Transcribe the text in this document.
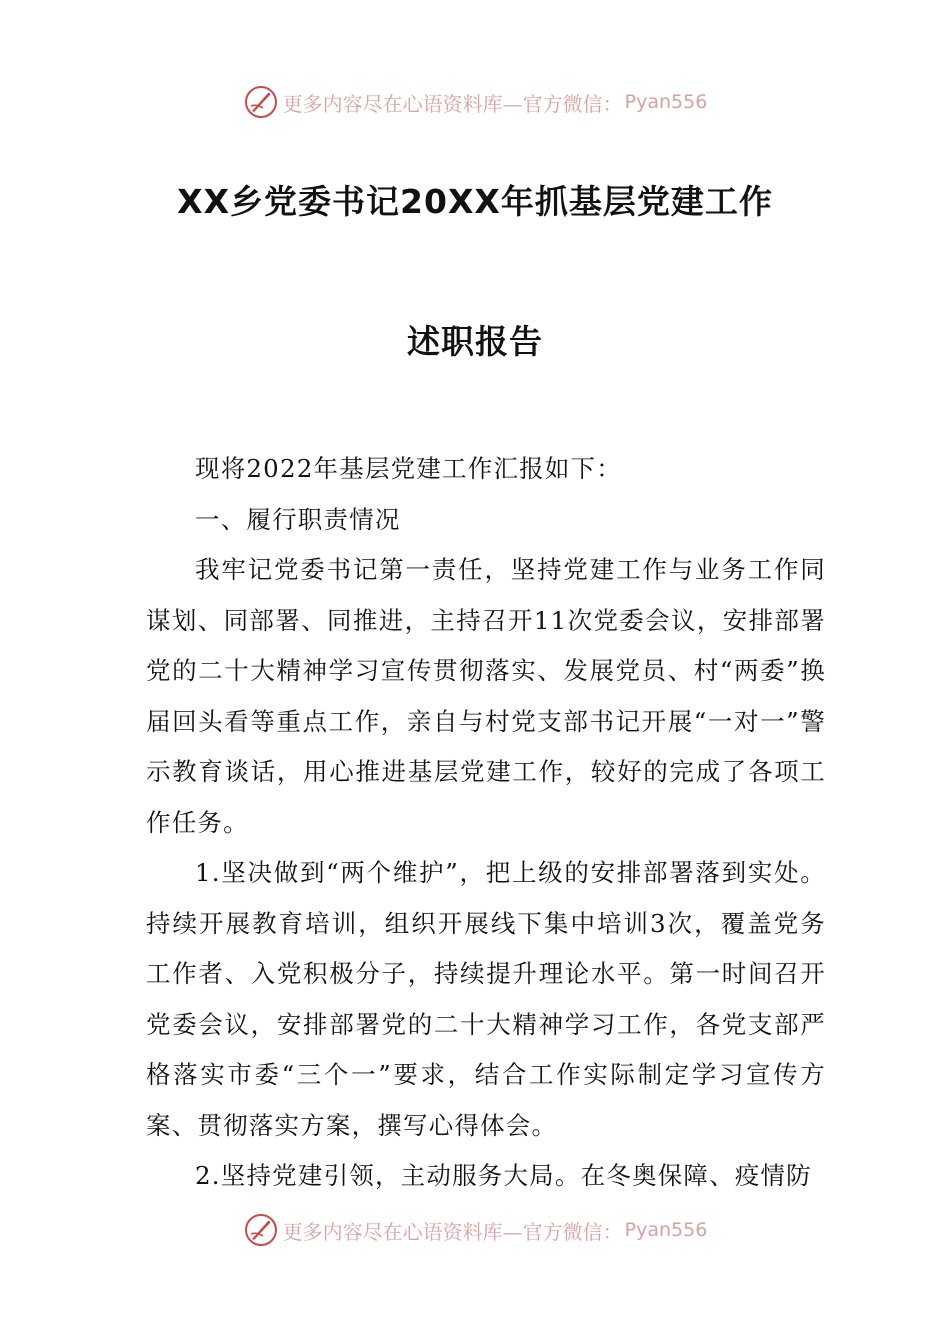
更多内容尽在心语资料库—官方微信： Pyan556
XX乡党委书记20XX年抓基层党建工作
述职报告

现将2022年基层党建工作汇报如下：

一、履行职责情况

我牢记党委书记第一责任，坚持党建工作与业务工作同谋划、同部署、同推进，主持召开11次党委会议，安排部署党的二十大精神学习宣传贯彻落实、发展党员、村“两委”换届回头看等重点工作，亲自与村党支部书记开展“一对一”警示教育谈话，用心推进基层党建工作，较好的完成了各项工作任务。

1.坚决做到“两个维护”，把上级的安排部署落到实处。持续开展教育培训，组织开展线下集中培训3次，覆盖党务工作者、入党积极分子，持续提升理论水平。第一时间召开党委会议，安排部署党的二十大精神学习工作，各党支部严格落实市委“三个一”要求，结合工作实际制定学习宣传方案、贯彻落实方案，撰写心得体会。

2.坚持党建引领，主动服务大局。在冬奥保障、疫情防

更多内容尽在心语资料库—官方微信： Pyan556
